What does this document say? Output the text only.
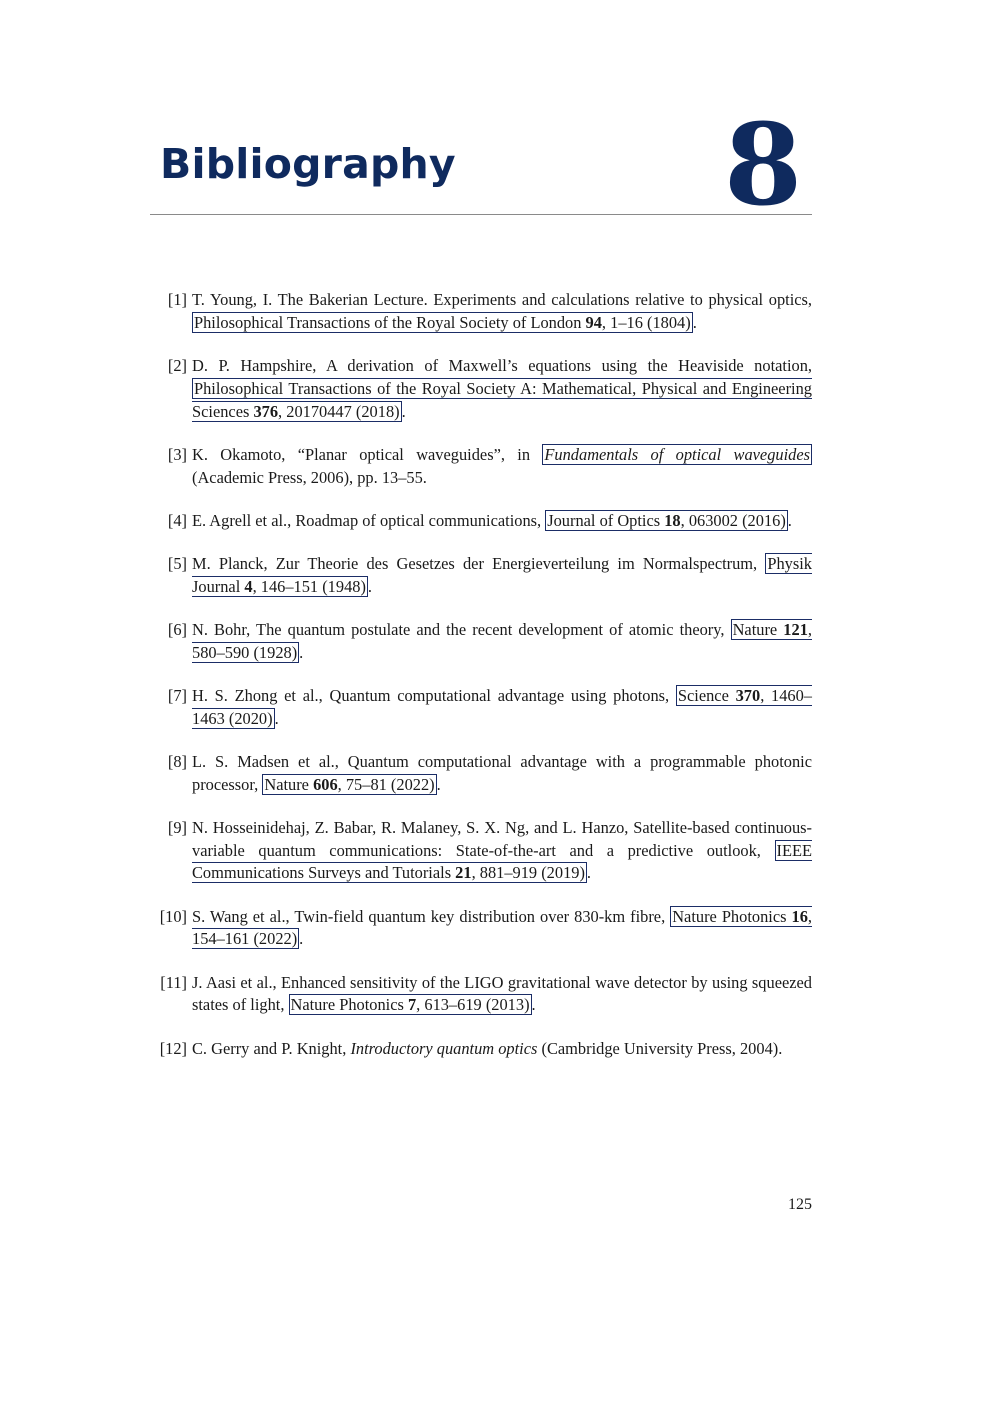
Bibliography 8
[1] T. Young, I. The Bakerian Lecture. Experiments and calculations relative to physical optics, Philosophical Transactions of the Royal Society of London 94, 1–16 (1804) .
[2] D. P. Hampshire, A derivation of Maxwell’s equations using the Heaviside notation, Philosophical Transactions of the Royal Society A: Mathematical, Physical and Engineering Sciences 376, 20170447 (2018) .
[3] K. Okamoto, “Planar optical waveguides”, in Fundamentals of optical waveguides (Academic Press, 2006), pp. 13–55.
[4] E. Agrell et al., Roadmap of optical communications, Journal of Optics 18, 063002 (2016) .
[5] M. Planck, Zur Theorie des Gesetzes der Energieverteilung im Normalspectrum, Physik Journal 4, 146–151 (1948) .
[6] N. Bohr, The quantum postulate and the recent development of atomic theory, Nature 121, 580–590 (1928) .
[7] H. S. Zhong et al., Quantum computational advantage using photons, Science 370, 1460–1463 (2020) .
[8] L. S. Madsen et al., Quantum computational advantage with a programmable photonic processor, Nature 606, 75–81 (2022) .
[9] N. Hosseinidehaj, Z. Babar, R. Malaney, S. X. Ng, and L. Hanzo, Satellite-based continuous-variable quantum communications: State-of-the-art and a predictive outlook, IEEE Communications Surveys and Tutorials 21, 881–919 (2019) .
[10] S. Wang et al., Twin-field quantum key distribution over 830-km fibre, Nature Photonics 16, 154–161 (2022) .
[11] J. Aasi et al., Enhanced sensitivity of the LIGO gravitational wave detector by using squeezed states of light, Nature Photonics 7, 613–619 (2013) .
[12] C. Gerry and P. Knight, Introductory quantum optics (Cambridge University Press, 2004).
125
